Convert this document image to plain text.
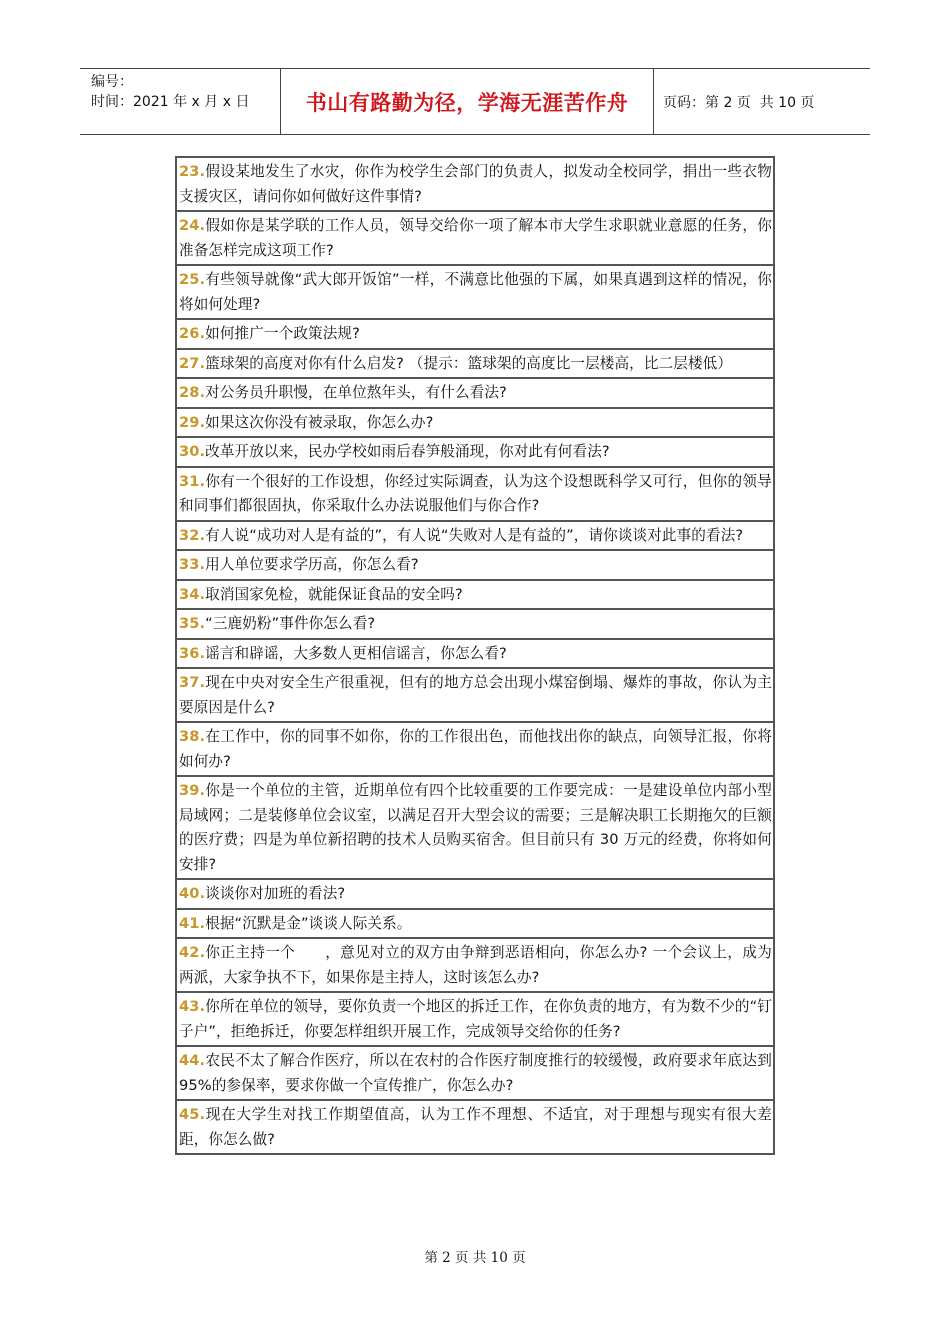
编号：
时间：2021 年 x 月 x 日	书山有路勤为径，学海无涯苦作舟	页码：第 2 页  共 10 页
23.假设某地发生了水灾，你作为校学生会部门的负责人，拟发动全校同学，捐出一些衣物支援灾区，请问你如何做好这件事情?
24.假如你是某学联的工作人员，领导交给你一项了解本市大学生求职就业意愿的任务，你准备怎样完成这项工作?
25.有些领导就像“武大郎开饭馆”一样，不满意比他强的下属，如果真遇到这样的情况，你将如何处理?
26.如何推广一个政策法规?
27.篮球架的高度对你有什么启发? （提示：篮球架的高度比一层楼高，比二层楼低）
28.对公务员升职慢，在单位熬年头，有什么看法?
29.如果这次你没有被录取，你怎么办?
30.改革开放以来，民办学校如雨后春笋般涌现，你对此有何看法?
31.你有一个很好的工作设想，你经过实际调查，认为这个设想既科学又可行，但你的领导和同事们都很固执，你采取什么办法说服他们与你合作?
32.有人说“成功对人是有益的”，有人说“失败对人是有益的”，请你谈谈对此事的看法?
33.用人单位要求学历高，你怎么看?
34.取消国家免检，就能保证食品的安全吗?
35.“三鹿奶粉”事件你怎么看?
36.谣言和辟谣，大多数人更相信谣言，你怎么看?
37.现在中央对安全生产很重视，但有的地方总会出现小煤窑倒塌、爆炸的事故，你认为主要原因是什么?
38.在工作中，你的同事不如你，你的工作很出色，而他找出你的缺点，向领导汇报，你将如何办?
39.你是一个单位的主管，近期单位有四个比较重要的工作要完成：一是建设单位内部小型局域网；二是装修单位会议室，以满足召开大型会议的需要；三是解决职工长期拖欠的巨额的医疗费；四是为单位新招聘的技术人员购买宿舍。但目前只有 30 万元的经费，你将如何安排?
40.谈谈你对加班的看法?
41.根据“沉默是金”谈谈人际关系。
42.你正主持一个　　，意见对立的双方由争辩到恶语相向，你怎么办? 一个会议上，成为两派，大家争执不下，如果你是主持人，这时该怎么办?
43.你所在单位的领导，要你负责一个地区的拆迁工作，在你负责的地方，有为数不少的“钉子户”，拒绝拆迁，你要怎样组织开展工作，完成领导交给你的任务?
44.农民不太了解合作医疗，所以在农村的合作医疗制度推行的较缓慢，政府要求年底达到 95%的参保率，要求你做一个宣传推广，你怎么办?
45.现在大学生对找工作期望值高，认为工作不理想、不适宜，对于理想与现实有很大差距，你怎么做?
第 2 页 共 10 页
